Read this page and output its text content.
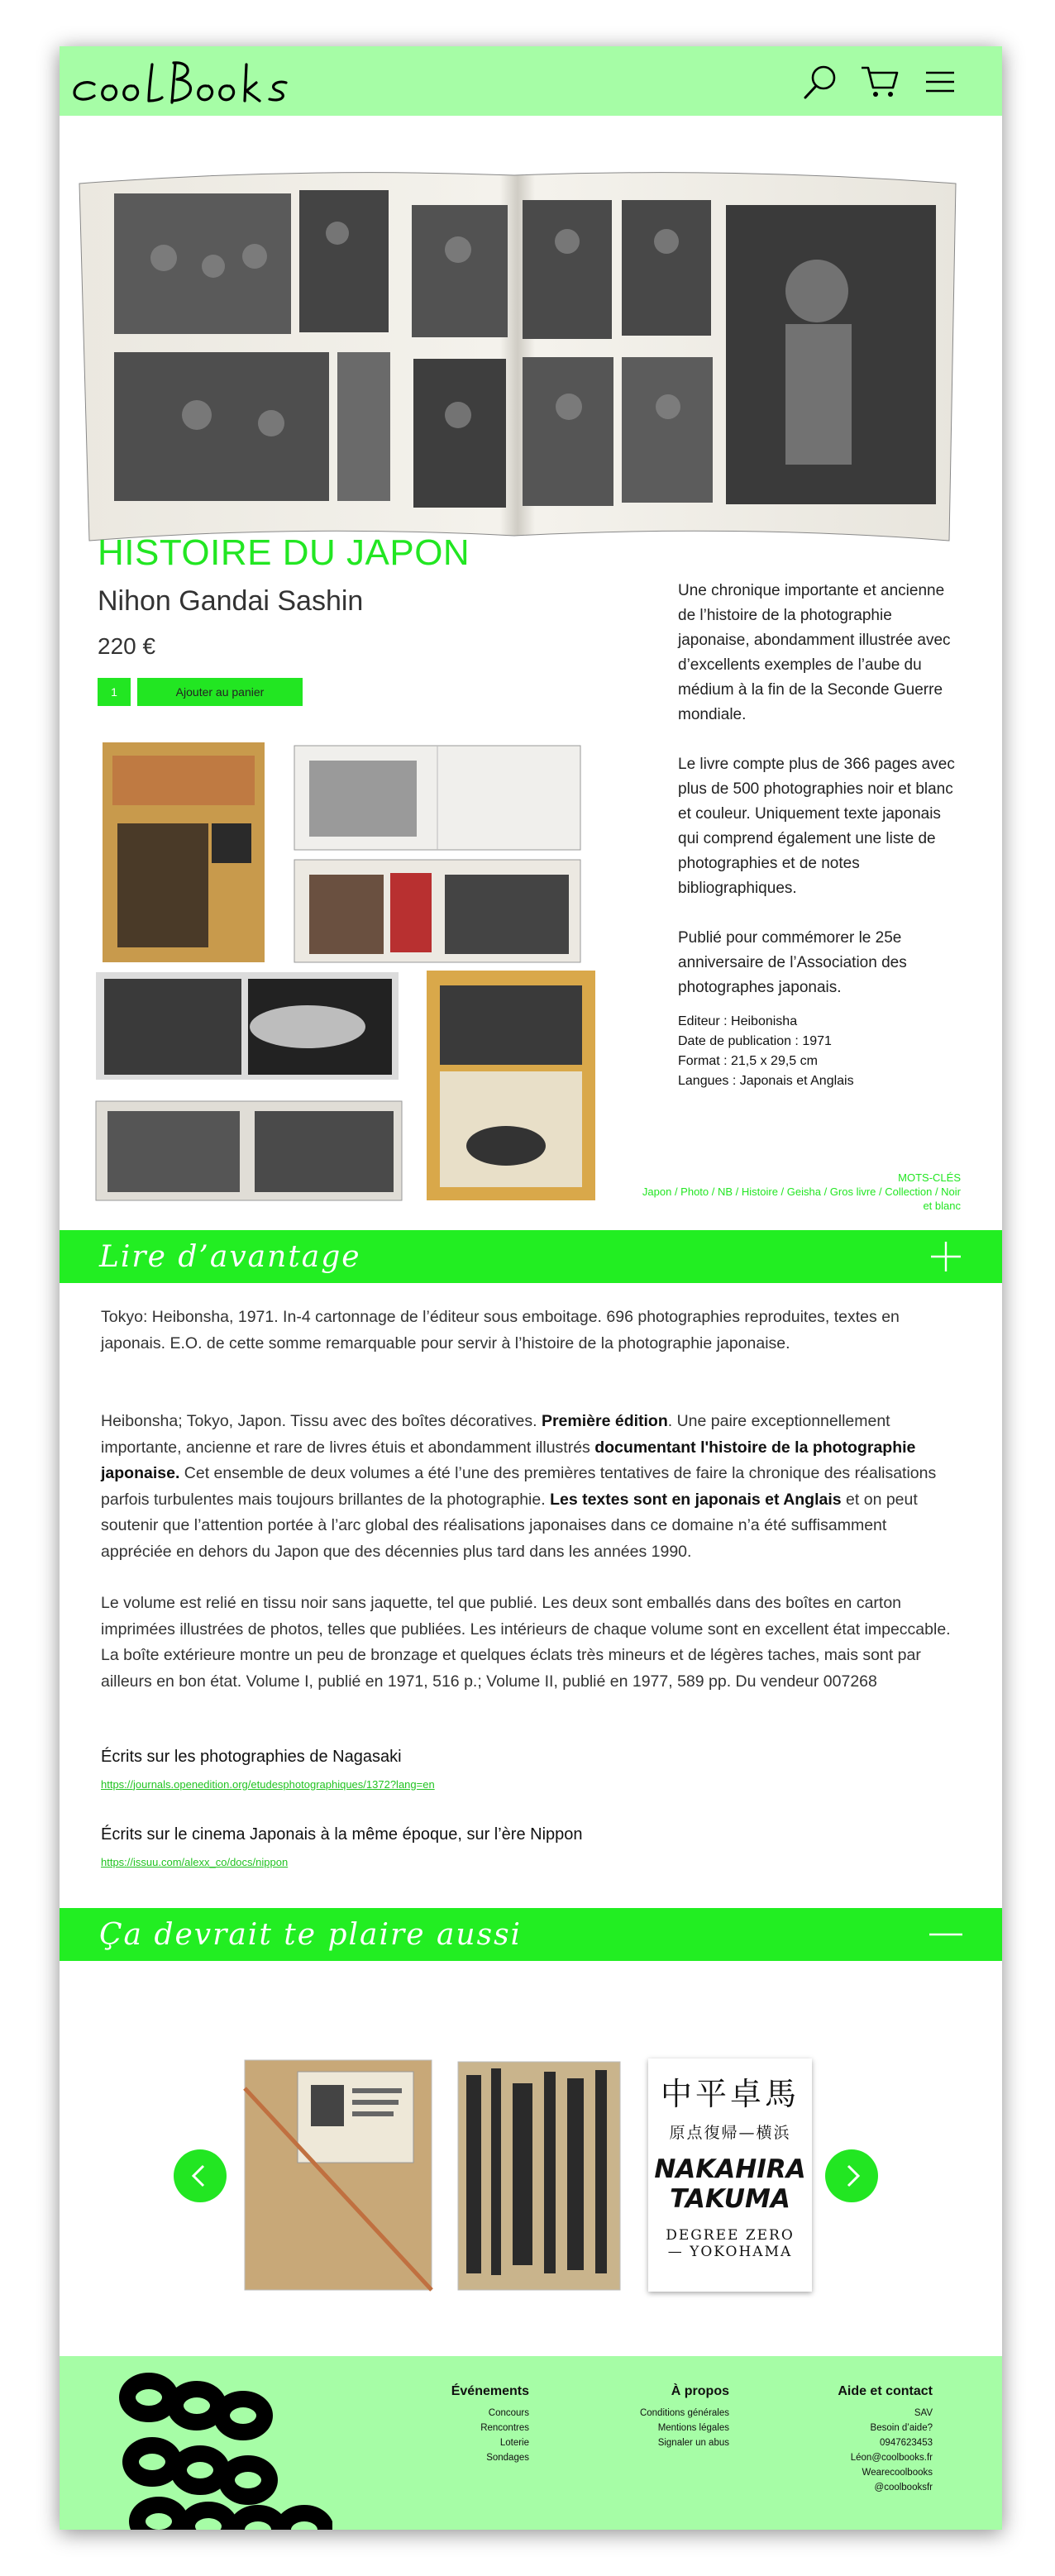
HISTOIRE DU JAPON
Nihon Gandai Sashin
220 €
1	Ajouter au panier

Une chronique importante et ancienne de l’histoire de la photographie japonaise, abondamment illustrée avec d’excellents exemples de l’aube du médium à la fin de la Seconde Guerre mondiale.

Le livre compte plus de 366 pages avec plus de 500 photographies noir et blanc et couleur. Uniquement texte japonais qui comprend également une liste de photographies et de notes bibliographiques.

Publié pour commémorer le 25e anniversaire de l’Association des photographes japonais.

Editeur : Heibonisha
Date de publication : 1971
Format : 21,5 x 29,5 cm
Langues : Japonais et Anglais
MOTS-CLÉS
Japon / Photo / NB / Histoire / Geisha / Gros livre / Collection / Noir et blanc
Lire d’avantage

Tokyo: Heibonsha, 1971. In-4 cartonnage de l’éditeur sous emboitage. 696 photographies reproduites, textes en japonais. E.O. de cette somme remarquable pour servir à l’histoire de la photographie japonaise.

Heibonsha; Tokyo, Japon. Tissu avec des boîtes décoratives. Première édition. Une paire exceptionnellement importante, ancienne et rare de livres étuis et abondamment illustrés documentant l'histoire de la photographie japonaise. Cet ensemble de deux volumes a été l’une des premières tentatives de faire la chronique des réalisations parfois turbulentes mais toujours brillantes de la photographie. Les textes sont en japonais et Anglais et on peut soutenir que l’attention portée à l’arc global des réalisations japonaises dans ce domaine n’a été suffisamment appréciée en dehors du Japon que des décennies plus tard dans les années 1990.

Le volume est relié en tissu noir sans jaquette, tel que publié. Les deux sont emballés dans des boîtes en carton imprimées illustrées de photos, telles que publiées. Les intérieurs de chaque volume sont en excellent état impeccable. La boîte extérieure montre un peu de bronzage et quelques éclats très mineurs et de légères taches, mais sont par ailleurs en bon état. Volume I, publié en 1971, 516 p.; Volume II, publié en 1977, 589 pp. Du vendeur 007268

Écrits sur les photographies de Nagasaki

https://journals.openedition.org/etudesphotographiques/1372?lang=en

Écrits sur le cinema Japonais à la même époque, sur l’ère Nippon

https://issuu.com/alexx_co/docs/nippon
Ça devrait te plaire aussi
中平卓馬
原点復帰—横浜
NAKAHIRA
TAKUMA
DEGREE ZERO
— YOKOHAMA
Événements
Concours
Rencontres
Loterie
Sondages
À propos
Conditions générales
Mentions légales
Signaler un abus
Aide et contact
SAV
Besoin d’aide?
0947623453
Léon@coolbooks.fr
Wearecoolbooks
@coolbooksfr
